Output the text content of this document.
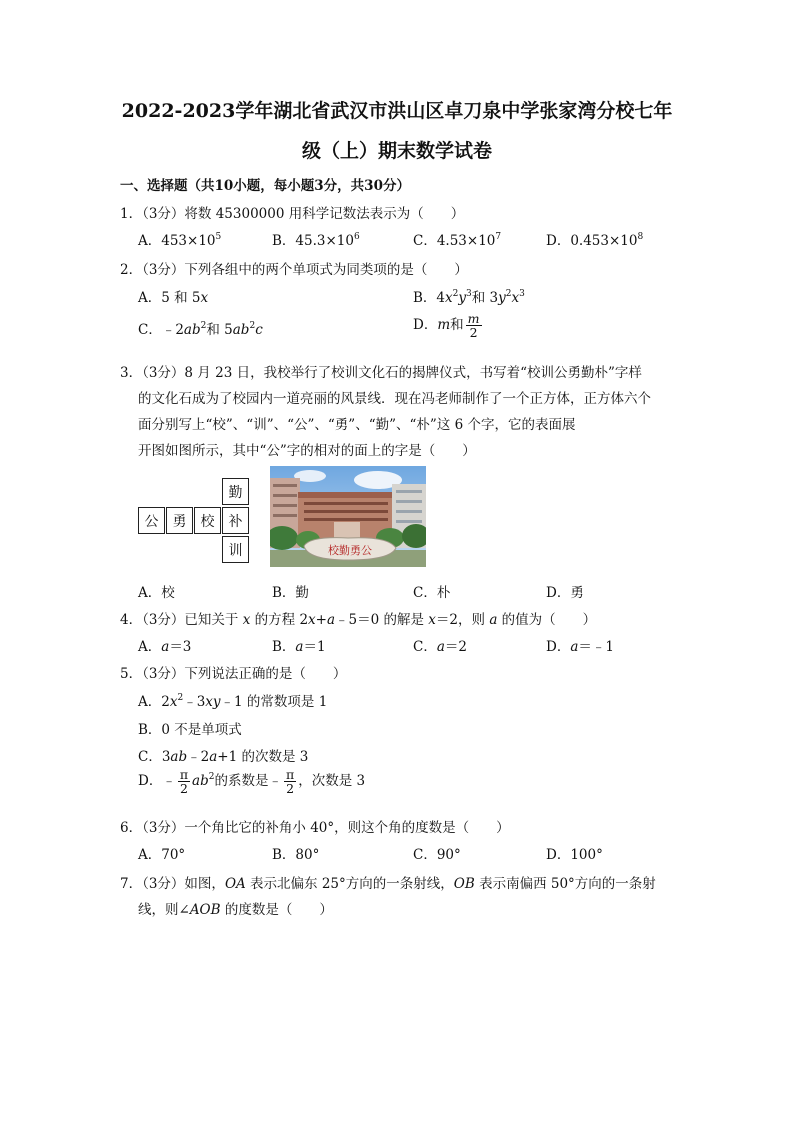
2022-2023学年湖北省武汉市洪山区卓刀泉中学张家湾分校七年
级（上）期末数学试卷
一、选择题（共10小题，每小题3分，共30分）
1．（3分）将数 45300000 用科学记数法表示为（　　）
A．$453\times 10^5$	B．$45.3\times 10^6$	C．$4.53\times 10^7$	D．$0.453\times 10^8$
2．（3分）下列各组中的两个单项式为同类项的是（　　）
A．5 和 5x	B．$4x^2y^3$和 $3y^2x^3$
C．$﹣2ab^2$和 $5ab^2c$	D．m和 $\frac{m}{2}$
3．（3分）8 月 23 日，我校举行了校训文化石的揭牌仪式，书写着“校训公勇勤朴”字样
的文化石成为了校园内一道亮丽的风景线．现在冯老师制作了一个正方体，正方体六个
面分别写上“校”、“训”、“公”、“勇”、“勤”、“朴”这 6 个字，它的表面展
开图如图所示，其中“公”字的相对的面上的字是（　　）
勤
公	勇	校	补
训	校勤勇公
A．校	B．勤	C．朴	D．勇
4．（3分）已知关于 x 的方程 2x+a﹣5＝0 的解是 x＝2，则 a 的值为（　　）
A．a＝3	B．a＝1	C．a＝2	D．a＝﹣1
5．（3分）下列说法正确的是（　　）
A．$2x^2﹣3xy﹣1$ 的常数项是 1
B．0 不是单项式
C．3ab﹣2a+1 的次数是 3
D．﹣ $\frac{\pi}{2} ab^2$的系数是﹣ $\frac{\pi}{2}$ ，次数是 3
6．（3分）一个角比它的补角小 40°，则这个角的度数是（　　）
A．70°	B．80°	C．90°	D．100°
7．（3分）如图，OA 表示北偏东 25°方向的一条射线，OB 表示南偏西 50°方向的一条射
线，则∠AOB 的度数是（　　）
